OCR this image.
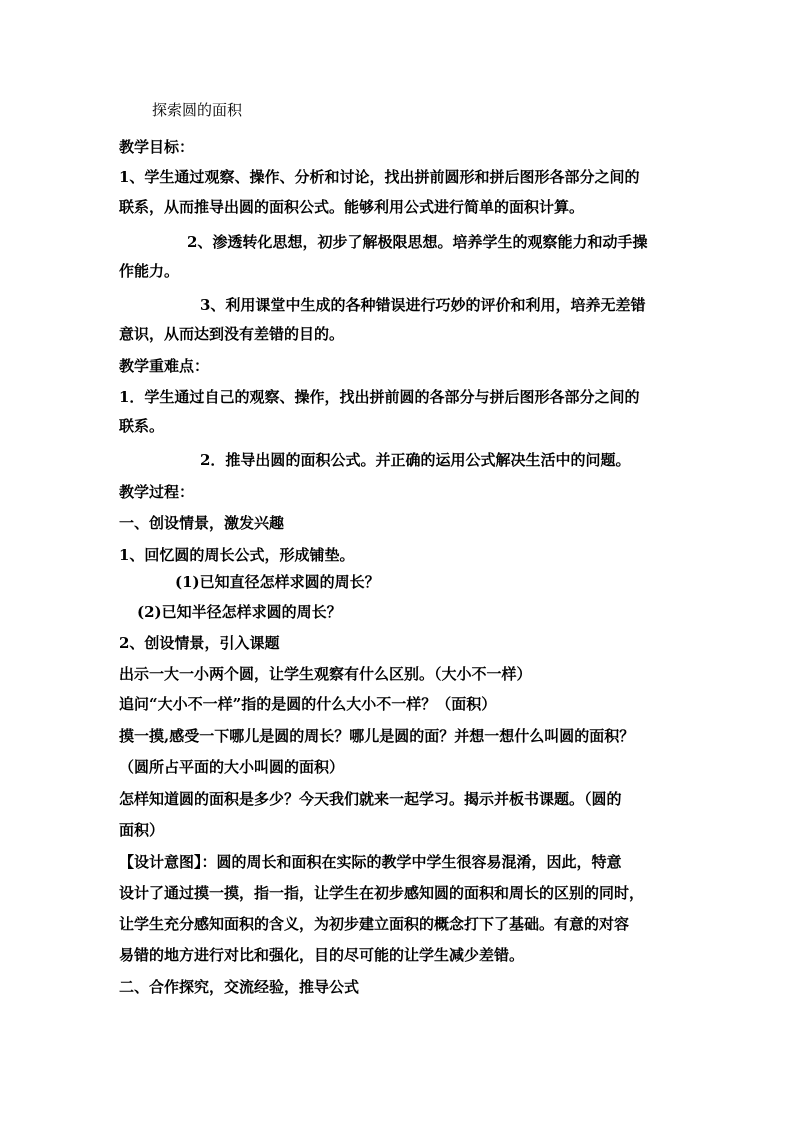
探索圆的面积
教学目标：
1、学生通过观察、操作、分析和讨论，找出拼前圆形和拼后图形各部分之间的
联系，从而推导出圆的面积公式。能够利用公式进行简单的面积计算。
2、渗透转化思想，初步了解极限思想。培养学生的观察能力和动手操
作能力。
3、利用课堂中生成的各种错误进行巧妙的评价和利用，培养无差错
意识，从而达到没有差错的目的。
教学重难点：
1．学生通过自己的观察、操作，找出拼前圆的各部分与拼后图形各部分之间的
联系。
2．推导出圆的面积公式。并正确的运用公式解决生活中的问题。
教学过程：
一、创设情景，激发兴趣
1、回忆圆的周长公式，形成铺垫。
(1)已知直径怎样求圆的周长？
(2)已知半径怎样求圆的周长？
2、创设情景，引入课题
出示一大一小两个圆，让学生观察有什么区别。（大小不一样）
追问“大小不一样”指的是圆的什么大小不一样？（面积）
摸一摸,感受一下哪儿是圆的周长？哪儿是圆的面？并想一想什么叫圆的面积？
（圆所占平面的大小叫圆的面积）
怎样知道圆的面积是多少？今天我们就来一起学习。揭示并板书课题。（圆的
面积）
【设计意图】：圆的周长和面积在实际的教学中学生很容易混淆，因此，特意
设计了通过摸一摸，指一指，让学生在初步感知圆的面积和周长的区别的同时，
让学生充分感知面积的含义，为初步建立面积的概念打下了基础。有意的对容
易错的地方进行对比和强化，目的尽可能的让学生减少差错。
二、合作探究，交流经验，推导公式
